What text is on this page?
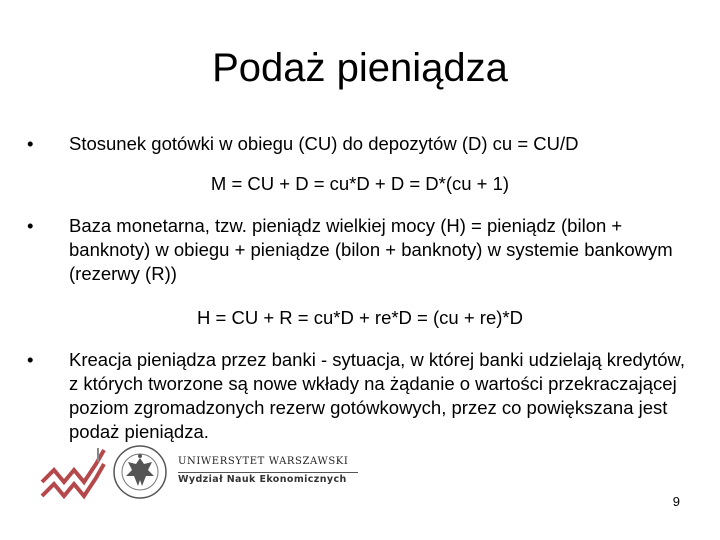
Podaż pieniądza
•	Stosunek gotówki w obiegu (CU) do depozytów (D) cu = CU/D
M = CU + D = cu*D + D = D*(cu + 1)
•	Baza monetarna, tzw. pieniądz wielkiej mocy (H) = pieniądz (bilon + banknoty) w obiegu + pieniądze (bilon + banknoty) w systemie bankowym (rezerwy (R))
H = CU + R = cu*D + re*D = (cu + re)*D
•	Kreacja pieniądza przez banki - sytuacja, w której banki udzielają kredytów, z których tworzone są nowe wkłady na żądanie o wartości przekraczającej poziom zgromadzonych rezerw gotówkowych, przez co powiększana jest podaż pieniądza.
UNIWERSYTET WARSZAWSKI
Wydział Nauk Ekonomicznych
9
